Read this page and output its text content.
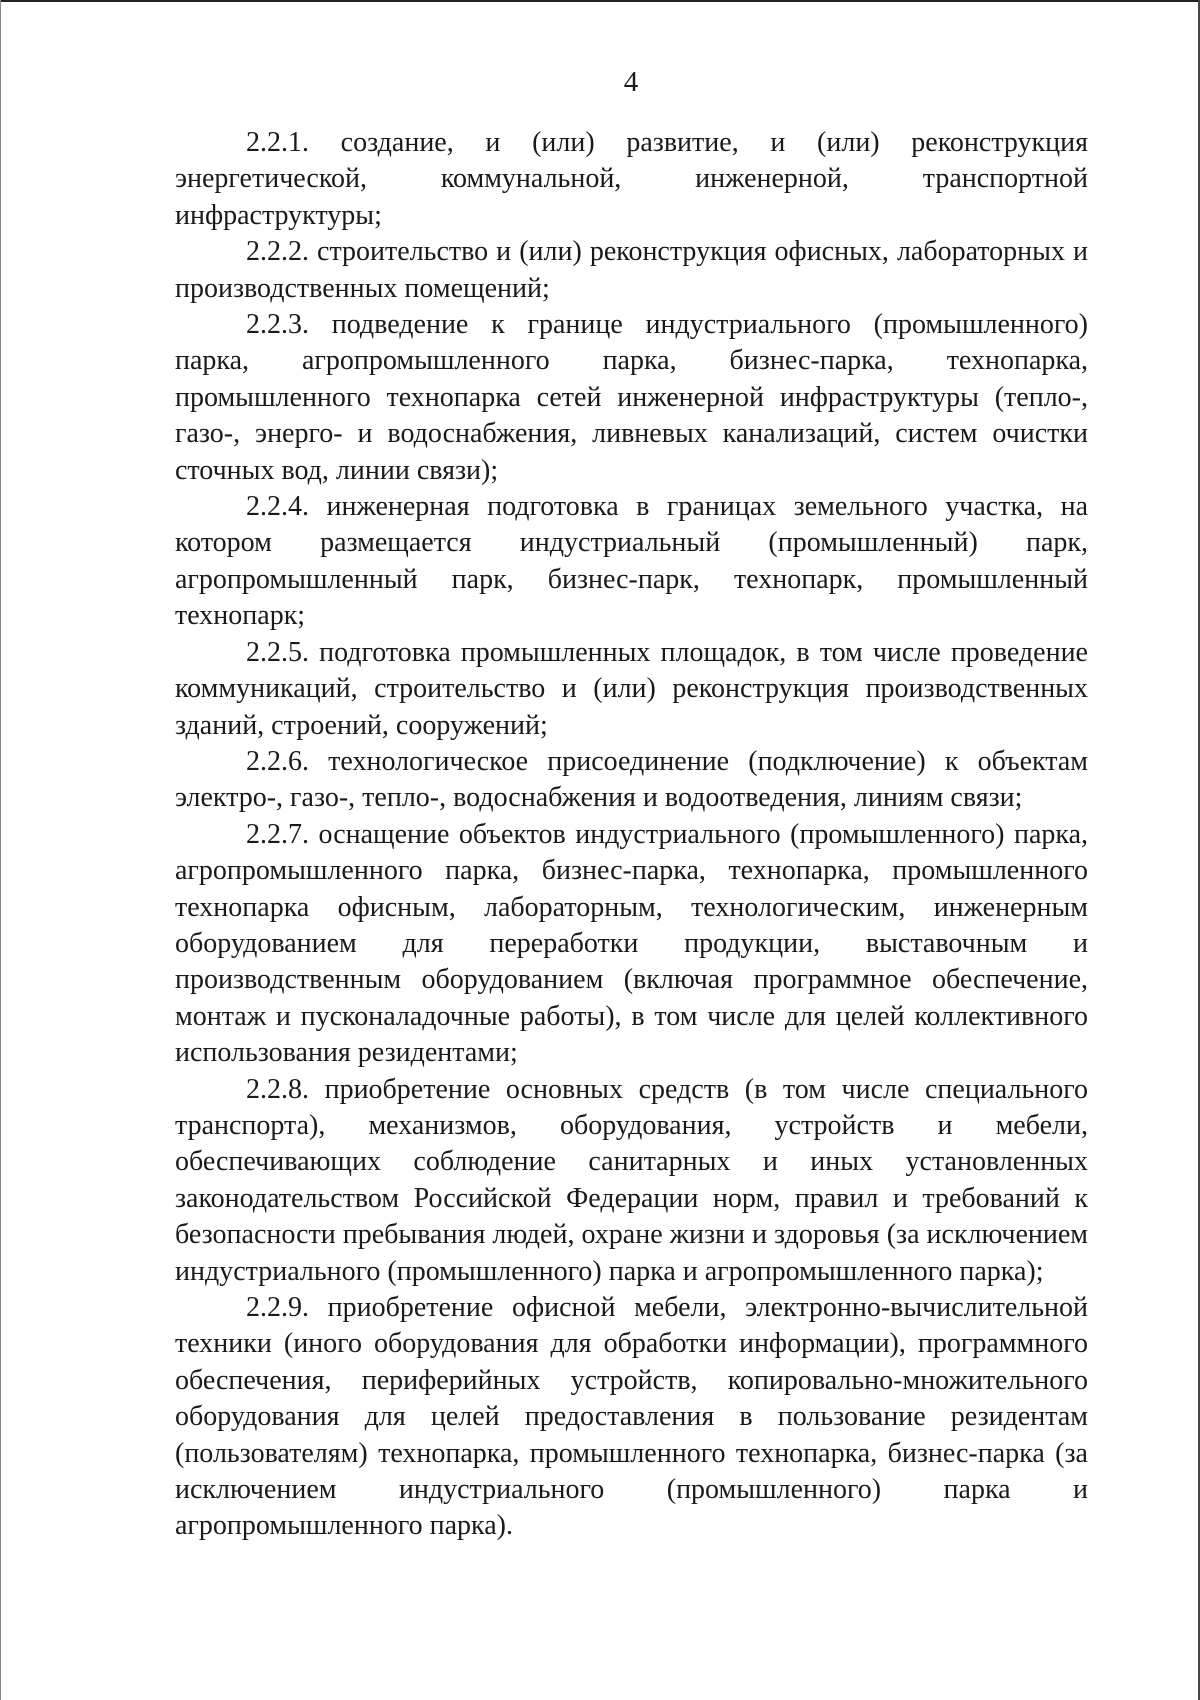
4

2.2.1. создание, и (или) развитие, и (или) реконструкция энергетической, коммунальной, инженерной, транспортной инфраструктуры;

2.2.2. строительство и (или) реконструкция офисных, лабораторных и производственных помещений;

2.2.3. подведение к границе индустриального (промышленного) парка, агропромышленного парка, бизнес-парка, технопарка, промышленного технопарка сетей инженерной инфраструктуры (тепло-, газо-, энерго- и водоснабжения, ливневых канализаций, систем очистки сточных вод, линии связи);

2.2.4. инженерная подготовка в границах земельного участка, на котором размещается индустриальный (промышленный) парк, агропромышленный парк, бизнес-парк, технопарк, промышленный технопарк;

2.2.5. подготовка промышленных площадок, в том числе проведение коммуникаций, строительство и (или) реконструкция производственных зданий, строений, сооружений;

2.2.6. технологическое присоединение (подключение) к объектам электро-, газо-, тепло-, водоснабжения и водоотведения, линиям связи;

2.2.7. оснащение объектов индустриального (промышленного) парка, агропромышленного парка, бизнес-парка, технопарка, промышленного технопарка офисным, лабораторным, технологическим, инженерным оборудованием для переработки продукции, выставочным и производственным оборудованием (включая программное обеспечение, монтаж и пусконаладочные работы), в том числе для целей коллективного использования резидентами;

2.2.8. приобретение основных средств (в том числе специального транспорта), механизмов, оборудования, устройств и мебели, обеспечивающих соблюдение санитарных и иных установленных законодательством Российской Федерации норм, правил и требований к безопасности пребывания людей, охране жизни и здоровья (за исключением индустриального (промышленного) парка и агропромышленного парка);

2.2.9. приобретение офисной мебели, электронно-вычислительной техники (иного оборудования для обработки информации), программного обеспечения, периферийных устройств, копировально-множительного оборудования для целей предоставления в пользование резидентам (пользователям) технопарка, промышленного технопарка, бизнес-парка (за исключением индустриального (промышленного) парка и агропромышленного парка).
